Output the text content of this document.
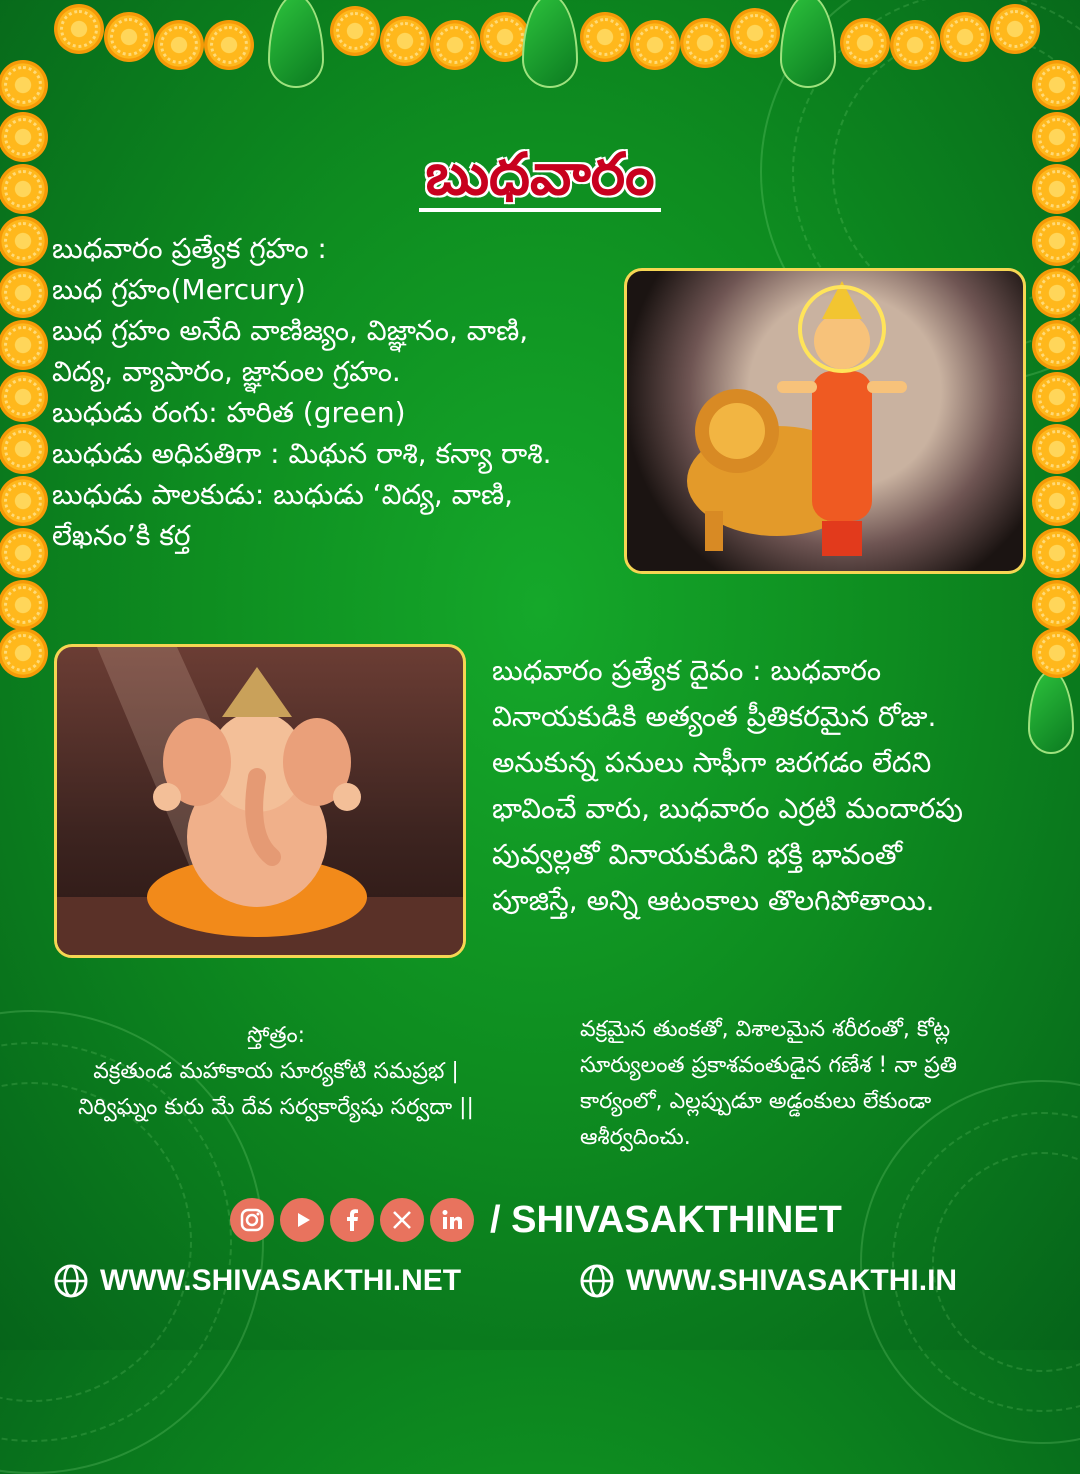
బుధవారం

బుధవారం ప్రత్యేక గ్రహం :

బుధ గ్రహం(Mercury)

బుధ గ్రహం అనేది వాణిజ్యం, విజ్ఞానం, వాణి,

విద్య, వ్యాపారం, జ్ఞానంల గ్రహం.

బుధుడు రంగు: హరిత (green)

బుధుడు అధిపతిగా : మిథున రాశి, కన్యా రాశి.

బుధుడు పాలకుడు: బుధుడు ‘విద్య, వాణి,

లేఖనం’కి కర్త

బుధవారం ప్రత్యేక దైవం : బుధవారం

వినాయకుడికి అత్యంత ప్రీతికరమైన రోజు.

అనుకున్న పనులు సాఫీగా జరగడం లేదని

భావించే వారు, బుధవారం ఎర్రటి మందారపు

పువ్వల్లతో వినాయకుడిని భక్తి భావంతో

పూజిస్తే, అన్ని ఆటంకాలు తొలగిపోతాయి.

స్తోత్రం:

వక్రతుండ మహాకాయ సూర్యకోటి సమప్రభ |

నిర్విఘ్నం కురు మే దేవ సర్వకార్యేషు సర్వదా ||

వక్రమైన తుంకతో, విశాలమైన శరీరంతో, కోట్ల

సూర్యులంత ప్రకాశవంతుడైన గణేశ ! నా ప్రతి

కార్యంలో, ఎల్లప్పుడూ అడ్డంకులు లేకుండా

ఆశీర్వదించు.

/ SHIVASAKTHINET
WWW.SHIVASAKTHI.NET	WWW.SHIVASAKTHI.IN
